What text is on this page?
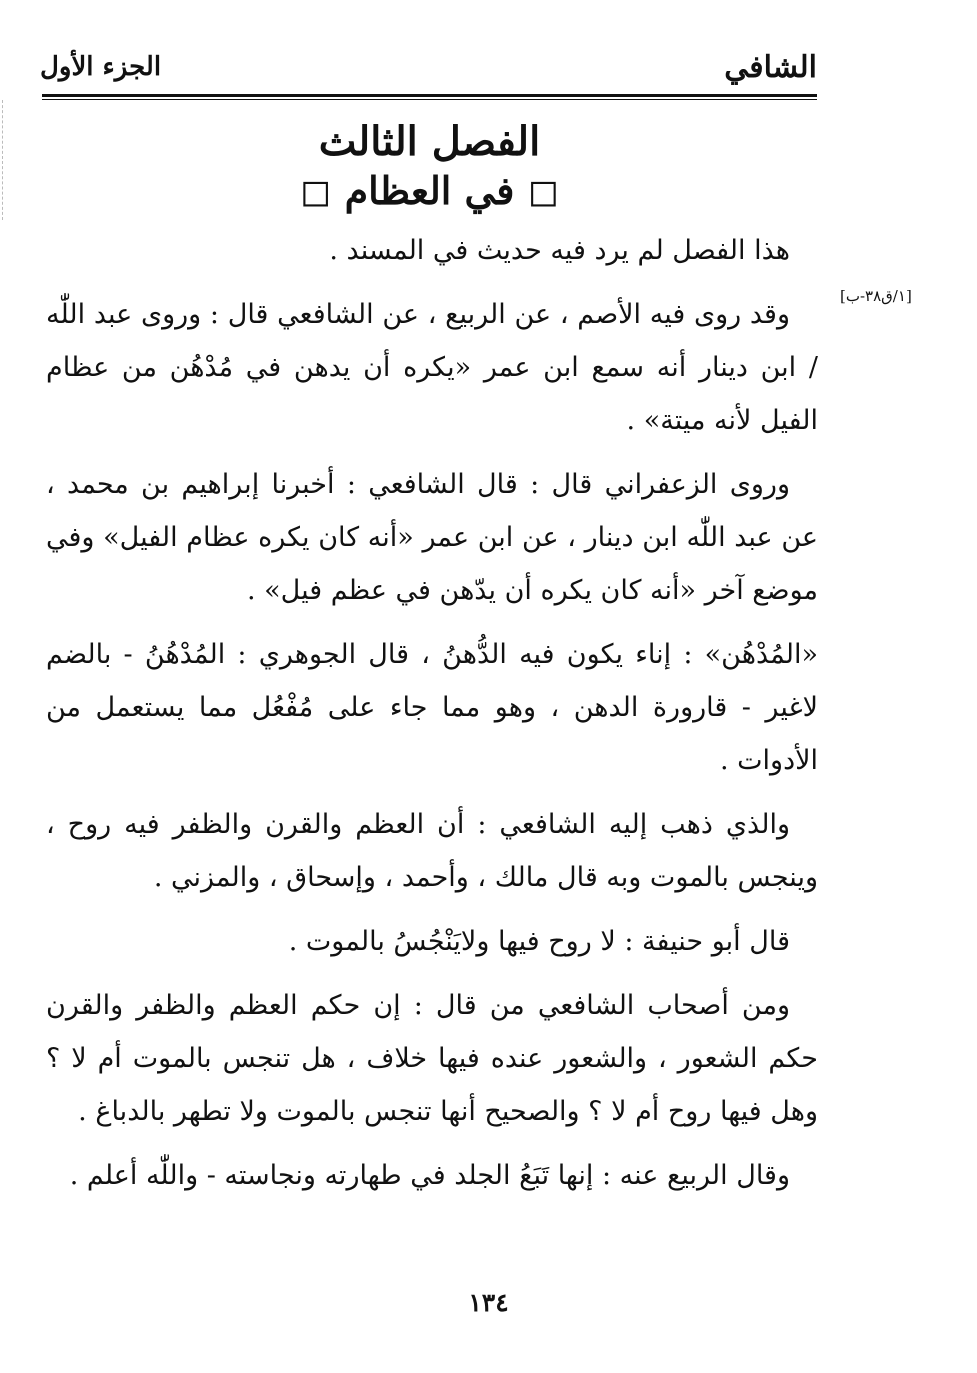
الشافي
الجزء الأول
الفصل الثالث
◻ في العظام ◻
[١/ق٣٨-ب]

هذا الفصل لم يرد فيه حديث في المسند .

وقد روى فيه الأصم ، عن الربيع ، عن الشافعي قال : وروى عبد اللّٰه / ابن دينار أنه سمع ابن عمر «يكره أن يدهن في مُدْهُن من عظام الفيل لأنه ميتة» .

وروى الزعفراني قال : قال الشافعي : أخبرنا إبراهيم بن محمد ، عن عبد اللّٰه ابن دينار ، عن ابن عمر «أنه كان يكره عظام الفيل» وفي موضع آخر «أنه كان يكره أن يدّهن في عظم فيل» .

«المُدْهُن» : إناء يكون فيه الدُّهنُ ، قال الجوهري : المُدْهُنُ - بالضم لاغير - قارورة الدهن ، وهو مما جاء على مُفْعُل مما يستعمل من الأدوات .

والذي ذهب إليه الشافعي : أن العظم والقرن والظفر فيه روح ، وينجس بالموت وبه قال مالك ، وأحمد ، وإسحاق ، والمزني .

قال أبو حنيفة : لا روح فيها ولايَنْجُسُ بالموت .

ومن أصحاب الشافعي من قال : إن حكم العظم والظفر والقرن حكم الشعور ، والشعور عنده فيها خلاف ، هل تنجس بالموت أم لا ؟ وهل فيها روح أم لا ؟ والصحيح أنها تنجس بالموت ولا تطهر بالدباغ .

وقال الربيع عنه : إنها تَبَعُ الجلد في طهارته ونجاسته - واللّٰه أعلم .

١٣٤
